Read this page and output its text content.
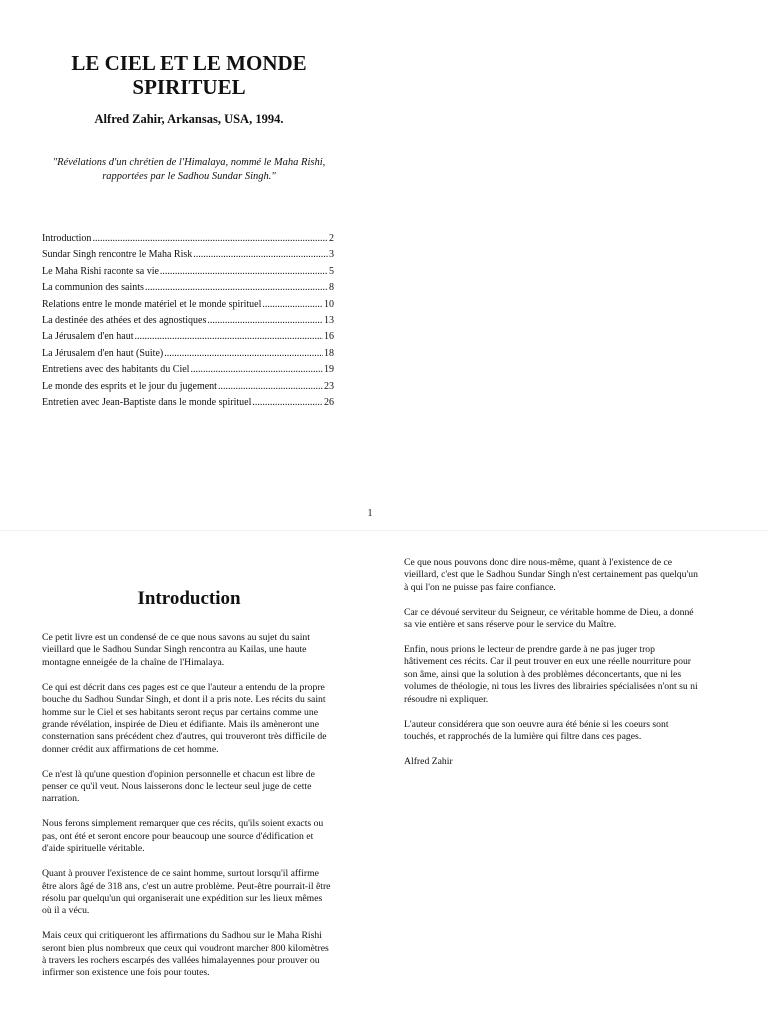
LE CIEL ET LE MONDE
SPIRITUEL
Alfred Zahir, Arkansas, USA, 1994.
"Révélations d'un chrétien de l'Himalaya, nommé le Maha Rishi,
rapportées par le Sadhou Sundar Singh."
Introduction .....	2
Sundar Singh rencontre le Maha Risk .....	3
Le Maha Rishi raconte sa vie .....	5
La communion des saints .....	8
Relations entre le monde matériel et le monde spirituel .....	10
La destinée des athées et des agnostiques .....	13
La Jérusalem d'en haut .....	16
La Jérusalem d'en haut (Suite) .....	18
Entretiens avec des habitants du Ciel .....	19
Le monde des esprits et le jour du jugement .....	23
Entretien avec Jean-Baptiste dans le monde spirituel .....	26
1
Introduction

Ce petit livre est un condensé de ce que nous savons au sujet du saint vieillard que le Sadhou Sundar Singh rencontra au Kailas, une haute montagne enneigée de la chaîne de l'Himalaya.

Ce qui est décrit dans ces pages est ce que l'auteur a entendu de la propre bouche du Sadhou Sundar Singh, et dont il a pris note. Les récits du saint homme sur le Ciel et ses habitants seront reçus par certains comme une grande révélation, inspirée de Dieu et édifiante. Mais ils amèneront une consternation sans précédent chez d'autres, qui trouveront très difficile de donner crédit aux affirmations de cet homme.

Ce n'est là qu'une question d'opinion personnelle et chacun est libre de penser ce qu'il veut. Nous laisserons donc le lecteur seul juge de cette narration.

Nous ferons simplement remarquer que ces récits, qu'ils soient exacts ou pas, ont été et seront encore pour beaucoup une source d'édification et d'aide spirituelle véritable.

Quant à prouver l'existence de ce saint homme, surtout lorsqu'il affirme être alors âgé de 318 ans, c'est un autre problème. Peut-être pourrait-il être résolu par quelqu'un qui organiserait une expédition sur les lieux mêmes où il a vécu.

Mais ceux qui critiqueront les affirmations du Sadhou sur le Maha Rishi seront bien plus nombreux que ceux qui voudront marcher 800 kilomètres à travers les rochers escarpés des vallées himalayennes pour prouver ou infirmer son existence une fois pour toutes.

Ce que nous pouvons donc dire nous-même, quant à l'existence de ce vieillard, c'est que le Sadhou Sundar Singh n'est certainement pas quelqu'un à qui l'on ne puisse pas faire confiance.

Car ce dévoué serviteur du Seigneur, ce véritable homme de Dieu, a donné sa vie entière et sans réserve pour le service du Maître.

Enfin, nous prions le lecteur de prendre garde à ne pas juger trop hâtivement ces récits. Car il peut trouver en eux une réelle nourriture pour son âme, ainsi que la solution à des problèmes déconcertants, que ni les volumes de théologie, ni tous les livres des librairies spécialisées n'ont su ni résoudre ni expliquer.

L'auteur considérera que son oeuvre aura été bénie si les coeurs sont touchés, et rapprochés de la lumière qui filtre dans ces pages.

Alfred Zahir
